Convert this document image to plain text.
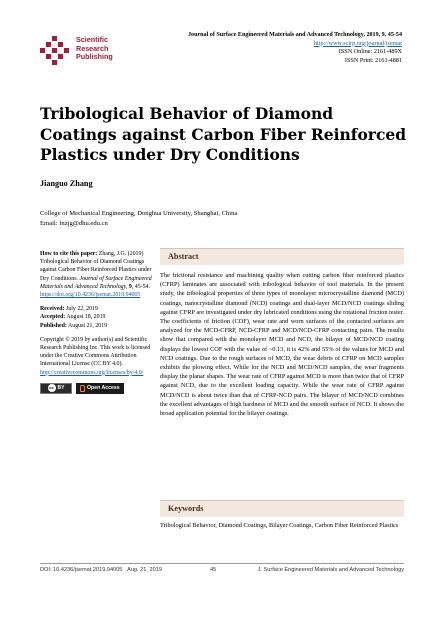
Scientific
Research
Publishing
Journal of Surface Engineered Materials and Advanced Technology, 2019, 9, 45-54
http://www.scirp.org/journal/jsemat
ISSN Online: 2161-489X
ISSN Print: 2161-4881
Tribological Behavior of Diamond Coatings against Carbon Fiber Reinforced Plastics under Dry Conditions
Jianguo Zhang
College of Mechanical Engineering, Donghua University, Shanghai, China
Email: fnzjg@dhu.edu.cn

How to cite this paper: Zhang, J.G. (2019) Tribological Behavior of Diamond Coatings against Carbon Fiber Reinforced Plastics under Dry Conditions. Journal of Surface Engineered Materials and Advanced Technology, 9, 45-54.
https://doi.org/10.4236/jsemat.2019.94005

Received: July 22, 2019
Accepted: August 18, 2019
Published: August 21, 2019

Copyright © 2019 by author(s) and Scientific Research Publishing Inc. This work is licensed under the Creative Commons Attribution International License (CC BY 4.0).
http://creativecommons.org/licenses/by/4.0/

cc BY	Open Access
Abstract
The frictional resistance and machining quality when cutting carbon fiber reinforced plastics (CFRP) laminates are associated with tribological behavior of tool materials. In the present study, the tribological properties of three types of monolayer microcrystalline diamond (MCD) coatings, nanocrystalline diamond (NCD) coatings and dual-layer MCD/NCD coatings sliding against CFRP are investigated under dry lubricated conditions using the rotational friction tester. The coefficients of friction (COF), wear rate and worn surfaces of the contacted surfaces are analyzed for the MCD-CFRP, NCD-CFRP and MCD/NCD-CFRP contacting pairs. The results show that compared with the monolayer MCD and NCD, the bilayer of MCD/NCD coating displays the lowest COF with the value of ~0.13, it is 42% and 55% of the values for MCD and NCD coatings. Due to the rough surfaces of MCD, the wear debris of CFRP on MCD samples exhibits the plowing effect. While for the NCD and MCD/NCD samples, the wear fragments display the planar shapes. The wear rate of CFRP against MCD is more than twice that of CFRP against NCD, due to the excellent loading capacity. While the wear rate of CFRP against MCD/NCD is about twice than that of CFRP-NCD pairs. The bilayer of MCD/NCD combines the excellent advantages of high hardness of MCD and the smooth surface of NCD. It shows the broad application potential for the bilayer coatings.
Keywords
Tribological Behavior, Diamond Coatings, Bilayer Coatings, Carbon Fiber Reinforced Plastics
DOI: 10.4236/jsemat.2019.94005 Aug. 21, 2019	45	J. Surface Engineered Materials and Advanced Technology
